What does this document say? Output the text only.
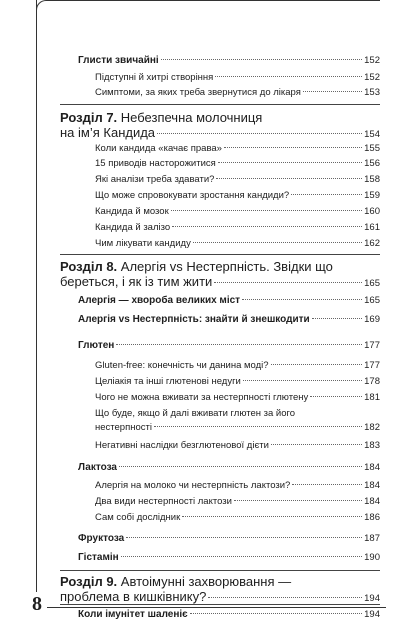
8
Глисти звичайні	152
Підступні й хитрі створіння	152
Симптоми, за яких треба звернутися до лікаря	153
Розділ 7. Небезпечна молочниця
на ім’я Кандида	154
Коли кандида «качає права»	155
15 приводів насторожитися	156
Які аналізи треба здавати?	158
Що може спровокувати зростання кандиди?	159
Кандида й мозок	160
Кандида й залізо	161
Чим лікувати кандиду	162
Розділ 8. Алергія vs Нестерпність. Звідки що
береться, і як із тим жити	165
Алергія — хвороба великих міст	165
Алергія vs Нестерпність: знайти й знешкодити	169
Глютен	177
Gluten-free: конечність чи данина моді?	177
Целіакія та інші глютенові недуги	178
Чого не можна вживати за нестерпності глютену	181
Що буде, якщо й далі вживати глютен за його
нестерпності	182
Негативні наслідки безглютенової дієти	183
Лактоза	184
Алергія на молоко чи нестерпність лактози?	184
Два види нестерпності лактози	184
Сам собі дослідник	186
Фруктоза	187
Гістамін	190
Розділ 9. Автоімунні захворювання —
проблема в кишківнику?	194
Коли імунітет шаленіє	194
